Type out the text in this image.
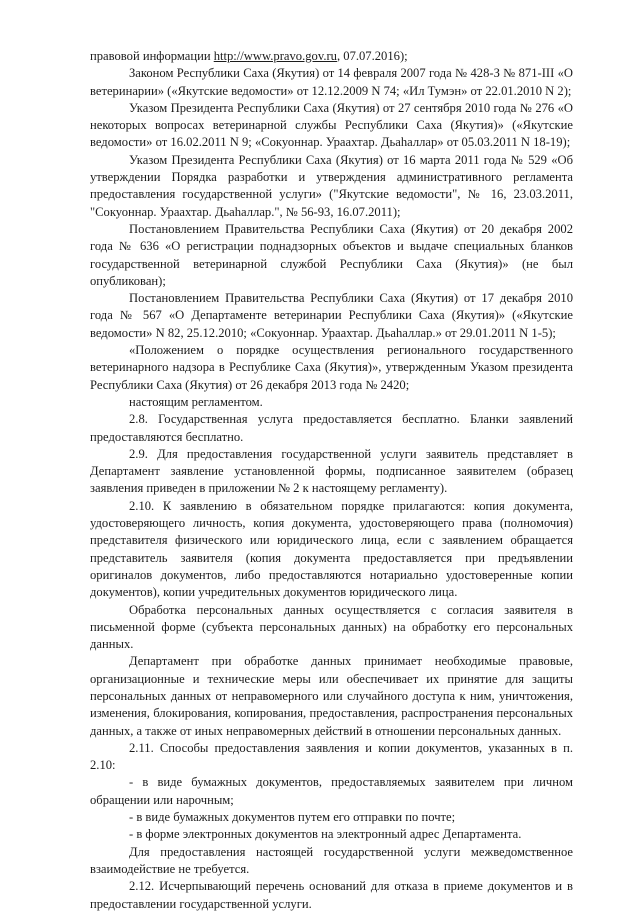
правовой информации http://www.pravo.gov.ru, 07.07.2016);

Законом Республики Саха (Якутия) от 14 февраля 2007 года № 428-З № 871-III «О ветеринарии» («Якутские ведомости» от 12.12.2009 N 74; «Ил Тумэн» от 22.01.2010 N 2);

Указом Президента Республики Саха (Якутия) от 27 сентября 2010 года № 276 «О некоторых вопросах ветеринарной службы Республики Саха (Якутия)» («Якутские ведомости» от 16.02.2011 N 9; «Сокуоннар. Ураахтар. Дьаһаллар» от 05.03.2011 N 18-19);

Указом Президента Республики Саха (Якутия) от 16 марта 2011 года № 529 «Об утверждении Порядка разработки и утверждения административного регламента предоставления государственной услуги» ("Якутские ведомости", № 16, 23.03.2011, "Сокуоннар. Ураахтар. Дьаһаллар.", № 56-93, 16.07.2011);

Постановлением Правительства Республики Саха (Якутия) от 20 декабря 2002 года № 636 «О регистрации поднадзорных объектов и выдаче специальных бланков государственной ветеринарной службой Республики Саха (Якутия)» (не был опубликован);

Постановлением Правительства Республики Саха (Якутия) от 17 декабря 2010 года № 567 «О Департаменте ветеринарии Республики Саха (Якутия)» («Якутские ведомости» N 82, 25.12.2010; «Сокуоннар. Ураахтар. Дьаһаллар.» от 29.01.2011 N 1-5);

«Положением о порядке осуществления регионального государственного ветеринарного надзора в Республике Саха (Якутия)», утвержденным Указом президента Республики Саха (Якутия) от 26 декабря 2013 года № 2420;

настоящим регламентом.

2.8. Государственная услуга предоставляется бесплатно. Бланки заявлений предоставляются бесплатно.

2.9. Для предоставления государственной услуги заявитель представляет в Департамент заявление установленной формы, подписанное заявителем (образец заявления приведен в приложении № 2 к настоящему регламенту).

2.10. К заявлению в обязательном порядке прилагаются: копия документа, удостоверяющего личность, копия документа, удостоверяющего права (полномочия) представителя физического или юридического лица, если с заявлением обращается представитель заявителя (копия документа предоставляется при предъявлении оригиналов документов, либо предоставляются нотариально удостоверенные копии документов), копии учредительных документов юридического лица.

Обработка персональных данных осуществляется с согласия заявителя в письменной форме (субъекта персональных данных) на обработку его персональных данных.

Департамент при обработке данных принимает необходимые правовые, организационные и технические меры или обеспечивает их принятие для защиты персональных данных от неправомерного или случайного доступа к ним, уничтожения, изменения, блокирования, копирования, предоставления, распространения персональных данных, а также от иных неправомерных действий в отношении персональных данных.

2.11. Способы предоставления заявления и копии документов, указанных в п. 2.10:

- в виде бумажных документов, предоставляемых заявителем при личном обращении или нарочным;

- в виде бумажных документов путем его отправки по почте;

- в форме электронных документов на электронный адрес Департамента.

Для предоставления настоящей государственной услуги межведомственное взаимодействие не требуется.

2.12. Исчерпывающий перечень оснований для отказа в приеме документов и в предоставлении государственной услуги.
